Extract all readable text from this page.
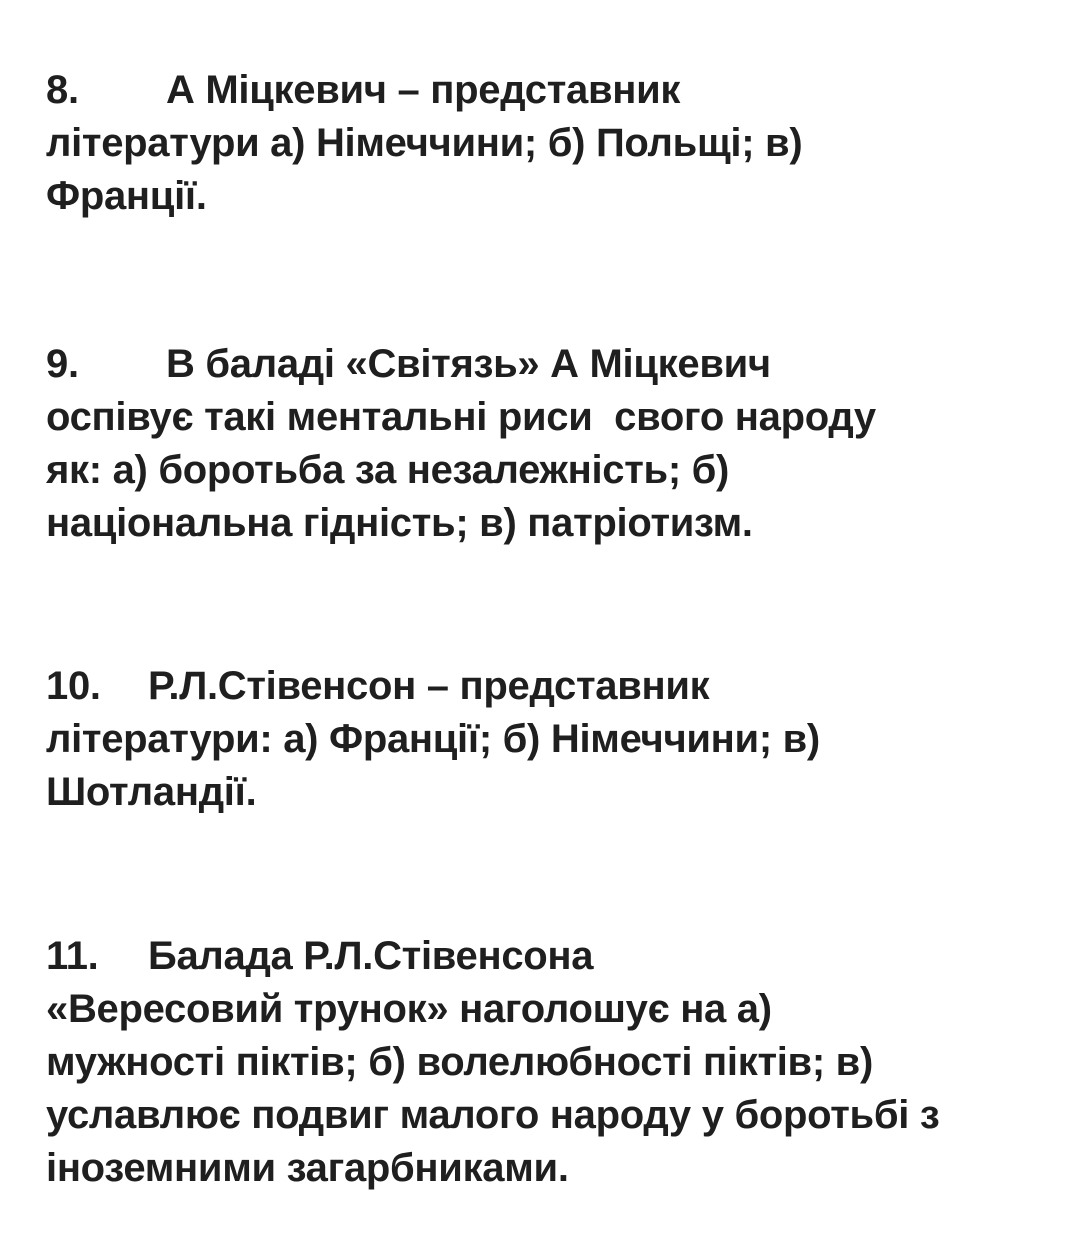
8. А Міцкевич – представник
літератури а) Німеччини; б) Польщі; в)
Франції.
9. В баладі «Світязь» А Міцкевич
оспівує такі ментальні риси  свого народу
як: а) боротьба за незалежність; б)
національна гідність; в) патріотизм.
10. Р.Л.Стівенсон – представник
літератури: а) Франції; б) Німеччини; в)
Шотландії.
11. Балада Р.Л.Стівенсона
«Вересовий трунок» наголошує на а)
мужності піктів; б) волелюбності піктів; в)
уславлює подвиг малого народу у боротьбі з
іноземними загарбниками.
